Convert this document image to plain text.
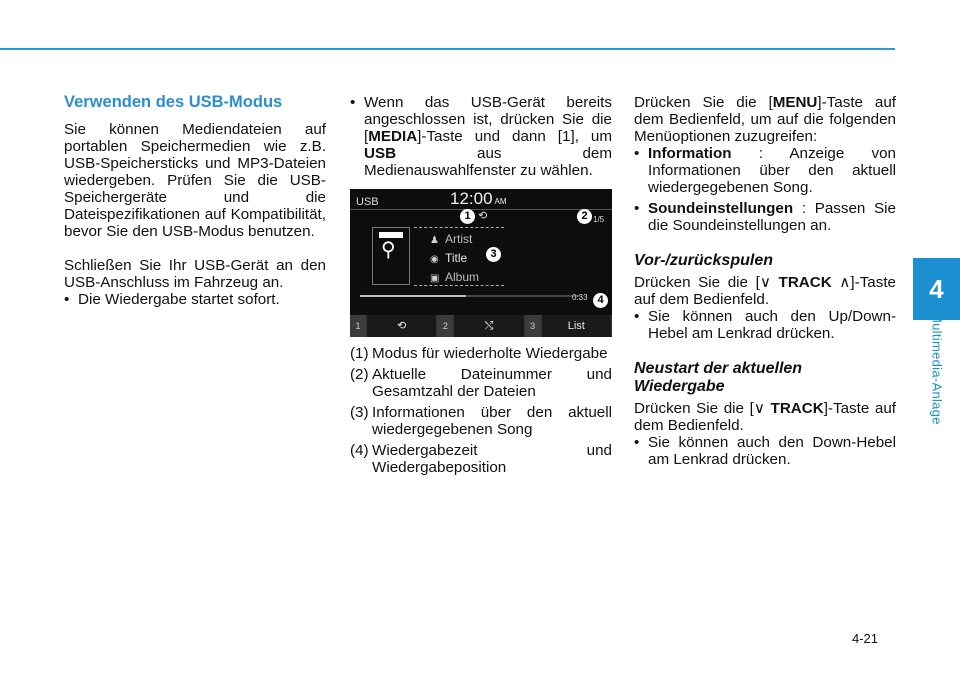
4
Multimedia-Anlage
Verwenden des USB-Modus

Sie können Mediendateien auf portablen Speichermedien wie z.B. USB-Speichersticks und MP3-Dateien wiedergeben. Prüfen Sie die USB-Speichergeräte und die Dateispezifikationen auf Kompatibilität, bevor Sie den USB-Modus benutzen.

Schließen Sie Ihr USB-Gerät an den USB-Anschluss im Fahrzeug an.

• Die Wiedergabe startet sofort.
• Wenn das USB-Gerät bereits angeschlossen ist, drücken Sie die [MEDIA]-Taste und dann [1], um USB aus dem Medienauswahlfenster zu wählen.
USB	12:00 AM
1 ⟲	2 1/5
⚲	♟ Artist
◉ Title
▣ Album
3
0:33 4
1	⟲	2	⤭	3	List
(1) Modus für wiederholte Wiedergabe
(2) Aktuelle Dateinummer und Gesamtzahl der Dateien
(3) Informationen über den aktuell wiedergegebenen Song
(4) Wiedergabezeit und Wiedergabeposition

Drücken Sie die [MENU]-Taste auf dem Bedienfeld, um auf die folgenden Menüoptionen zuzugreifen:

• Information : Anzeige von Informationen über den aktuell wiedergegebenen Song.
• Soundeinstellungen : Passen Sie die Soundeinstellungen an.
Vor-/zurückspulen

Drücken Sie die [∨ TRACK ∧]-Taste auf dem Bedienfeld.

• Sie können auch den Up/Down-Hebel am Lenkrad drücken.
Neustart der aktuellen Wiedergabe

Drücken Sie die [∨ TRACK]-Taste auf dem Bedienfeld.

• Sie können auch den Down-Hebel am Lenkrad drücken.
4-21
